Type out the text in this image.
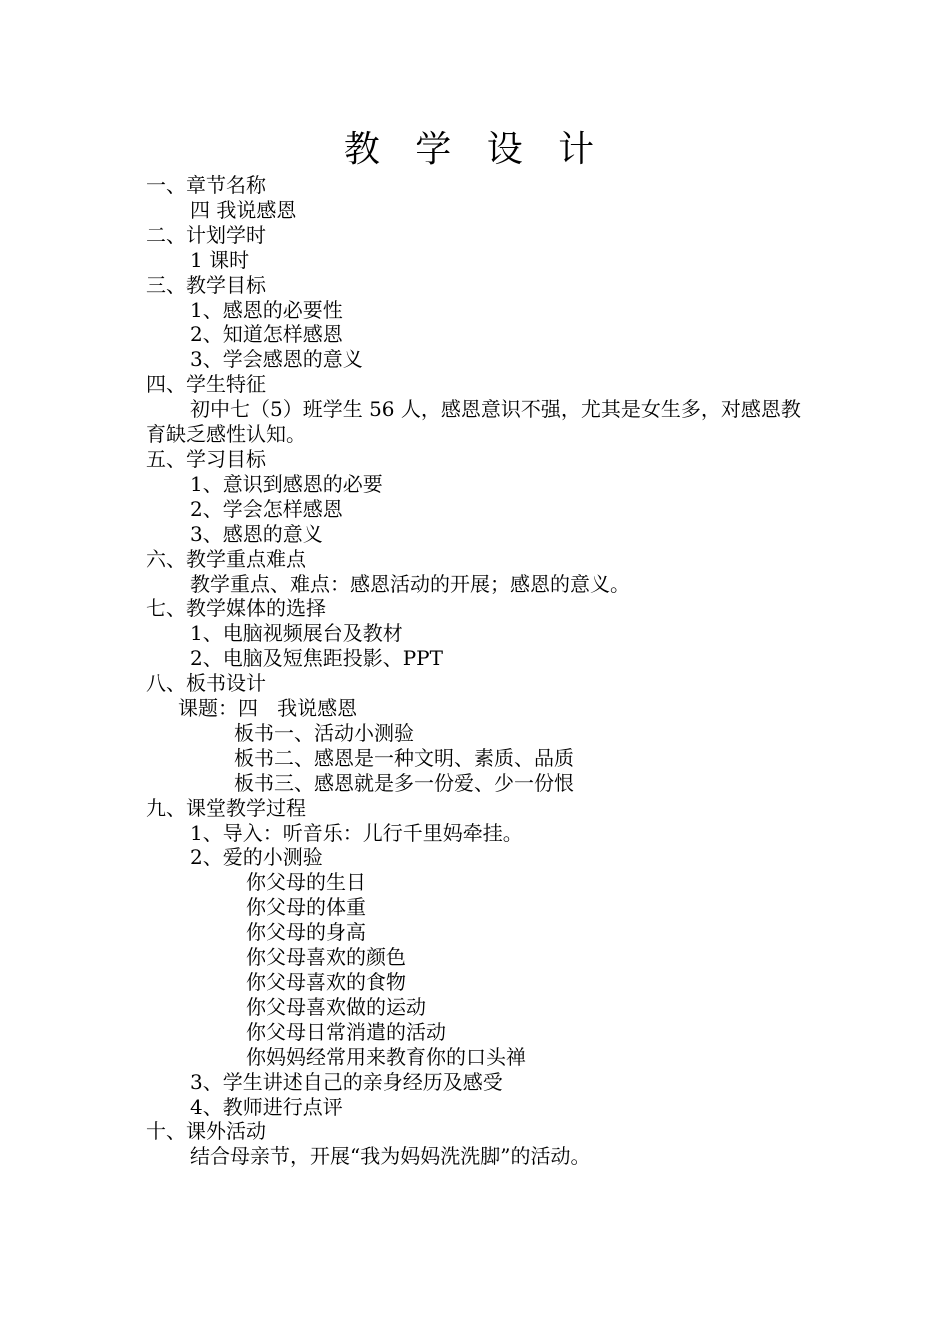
教 学 设 计
一、章节名称
四 我说感恩
二、计划学时
1 课时
三、教学目标
1、感恩的必要性
2、知道怎样感恩
3、学会感恩的意义
四、学生特征
初中七（5）班学生 56 人，感恩意识不强，尤其是女生多，对感恩教育缺乏感性认知。
五、学习目标
1、意识到感恩的必要
2、学会怎样感恩
3、感恩的意义
六、教学重点难点
教学重点、难点：感恩活动的开展；感恩的意义。
七、教学媒体的选择
1、电脑视频展台及教材
2、电脑及短焦距投影、PPT
八、板书设计
课题：四   我说感恩
板书一、活动小测验
板书二、感恩是一种文明、素质、品质
板书三、感恩就是多一份爱、少一份恨
九、课堂教学过程
1、导入：听音乐：儿行千里妈牵挂。
2、爱的小测验
你父母的生日
你父母的体重
你父母的身高
你父母喜欢的颜色
你父母喜欢的食物
你父母喜欢做的运动
你父母日常消遣的活动
你妈妈经常用来教育你的口头禅
3、学生讲述自己的亲身经历及感受
4、教师进行点评
十、课外活动
结合母亲节，开展“我为妈妈洗洗脚”的活动。
